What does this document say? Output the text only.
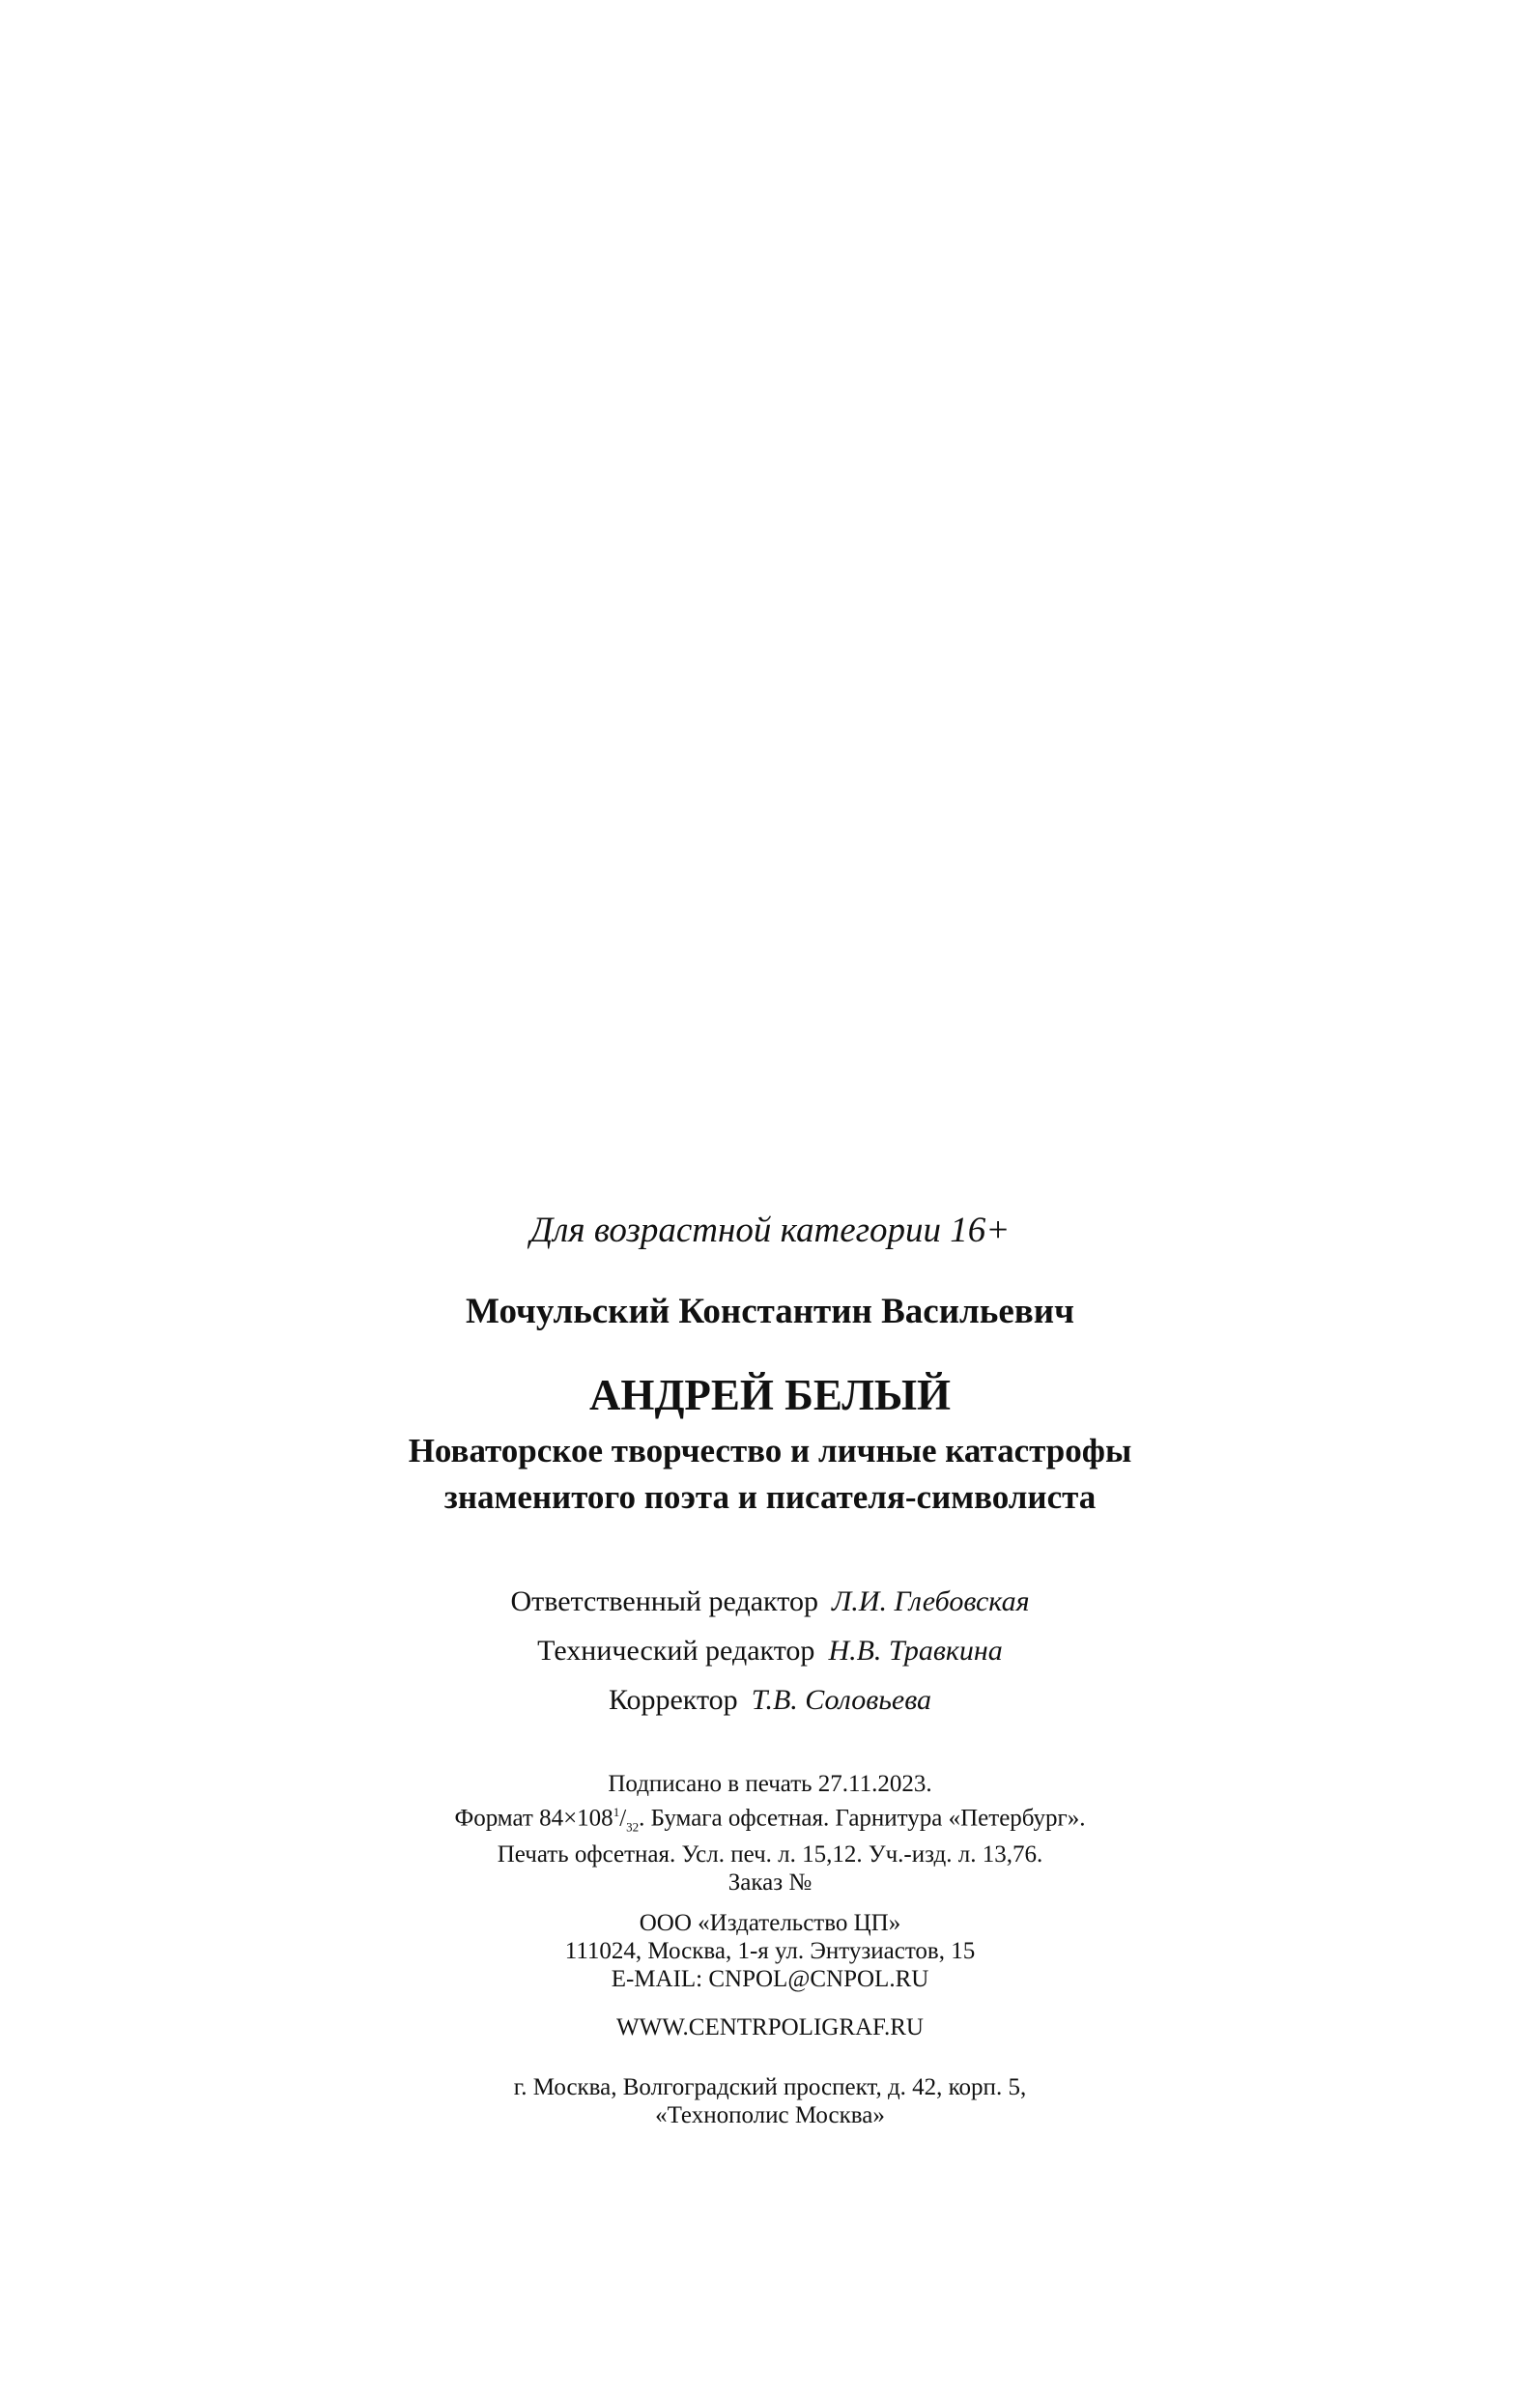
Для возрастной категории 16+
Мочульский Константин Васильевич
АНДРЕЙ БЕЛЫЙ
Новаторское творчество и личные катастрофы
знаменитого поэта и писателя-символиста
Ответственный редактор Л.И. Глебовская
Технический редактор Н.В. Травкина
Корректор Т.В. Соловьева
Подписано в печать 27.11.2023.
Формат $84\times 108^1/_{32}$. Бумага офсетная. Гарнитура «Петербург».
Печать офсетная. Усл. печ. л. 15,12. Уч.-изд. л. 13,76.
Заказ №
ООО «Издательство ЦП»
111024, Москва, 1-я ул. Энтузиастов, 15
E-MAIL: CNPOL@CNPOL.RU
WWW.CENTRPOLIGRAF.RU
г. Москва, Волгоградский проспект, д. 42, корп. 5,
«Технополис Москва»
